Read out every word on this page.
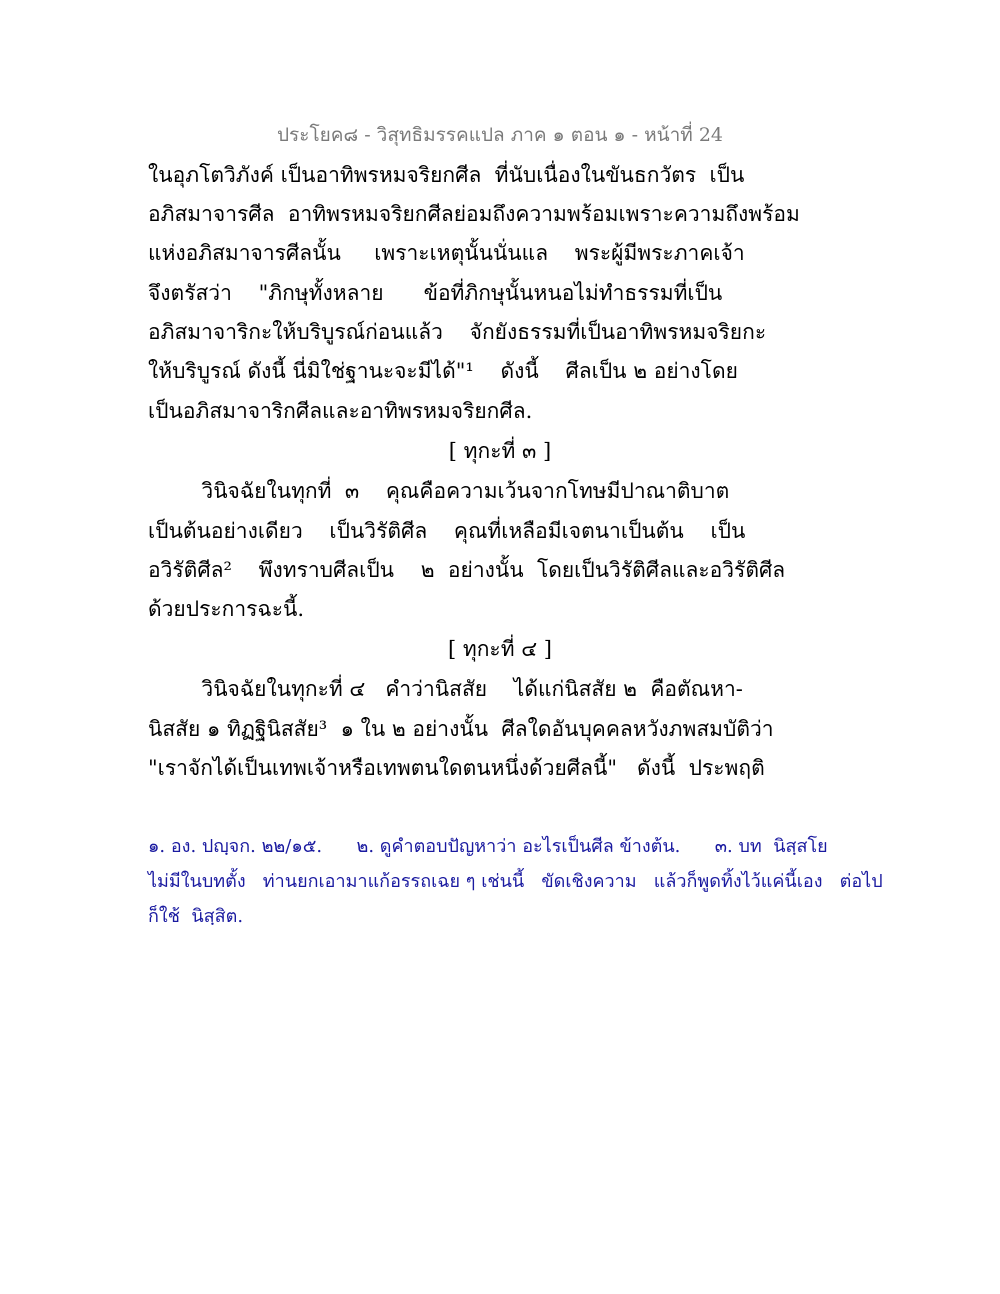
ประโยค๘ - วิสุทธิมรรคแปล ภาค ๑ ตอน ๑ - หน้าที่ 24
ในอุภโตวิภังค์ เป็นอาทิพรหมจริยกศีล  ที่นับเนื่องในขันธกวัตร  เป็น
อภิสมาจารศีล  อาทิพรหมจริยกศีลย่อมถึงความพร้อมเพราะความถึงพร้อม
แห่งอภิสมาจารศีลนั้น     เพราะเหตุนั้นนั่นแล    พระผู้มีพระภาคเจ้า
จึงตรัสว่า    "ภิกษุทั้งหลาย      ข้อที่ภิกษุนั้นหนอไม่ทำธรรมที่เป็น
อภิสมาจาริกะให้บริบูรณ์ก่อนแล้ว    จักยังธรรมที่เป็นอาทิพรหมจริยกะ
ให้บริบูรณ์ ดังนี้ นี่มิใช่ฐานะจะมีได้"¹    ดังนี้    ศีลเป็น ๒ อย่างโดย
เป็นอภิสมาจาริกศีลและอาทิพรหมจริยกศีล.
[ ทุกะที่ ๓ ]
วินิจฉัยในทุกที่  ๓    คุณคือความเว้นจากโทษมีปาณาติบาต
เป็นต้นอย่างเดียว    เป็นวิรัติศีล    คุณที่เหลือมีเจตนาเป็นต้น    เป็น
อวิรัติศีล²    พึงทราบศีลเป็น    ๒  อย่างนั้น  โดยเป็นวิรัติศีลและอวิรัติศีล
ด้วยประการฉะนี้.
[ ทุกะที่ ๔ ]
วินิจฉัยในทุกะที่ ๔   คำว่านิสสัย    ได้แก่นิสสัย ๒  คือตัณหา-
นิสสัย ๑ ทิฏฐินิสสัย³  ๑ ใน ๒ อย่างนั้น  ศีลใดอันบุคคลหวังภพสมบัติว่า
"เราจักได้เป็นเทพเจ้าหรือเทพตนใดตนหนึ่งด้วยศีลนี้"   ดังนี้  ประพฤติ
๑. อง. ปญฺจก. ๒๒/๑๕.      ๒. ดูคำตอบปัญหาว่า อะไรเป็นศีล ข้างต้น.      ๓. บท  นิสฺสโย
ไม่มีในบทตั้ง   ท่านยกเอามาแก้อรรถเฉย ๆ เช่นนี้   ขัดเชิงความ   แล้วก็พูดทิ้งไว้แค่นี้เอง   ต่อไป
ก็ใช้  นิสฺสิต.
